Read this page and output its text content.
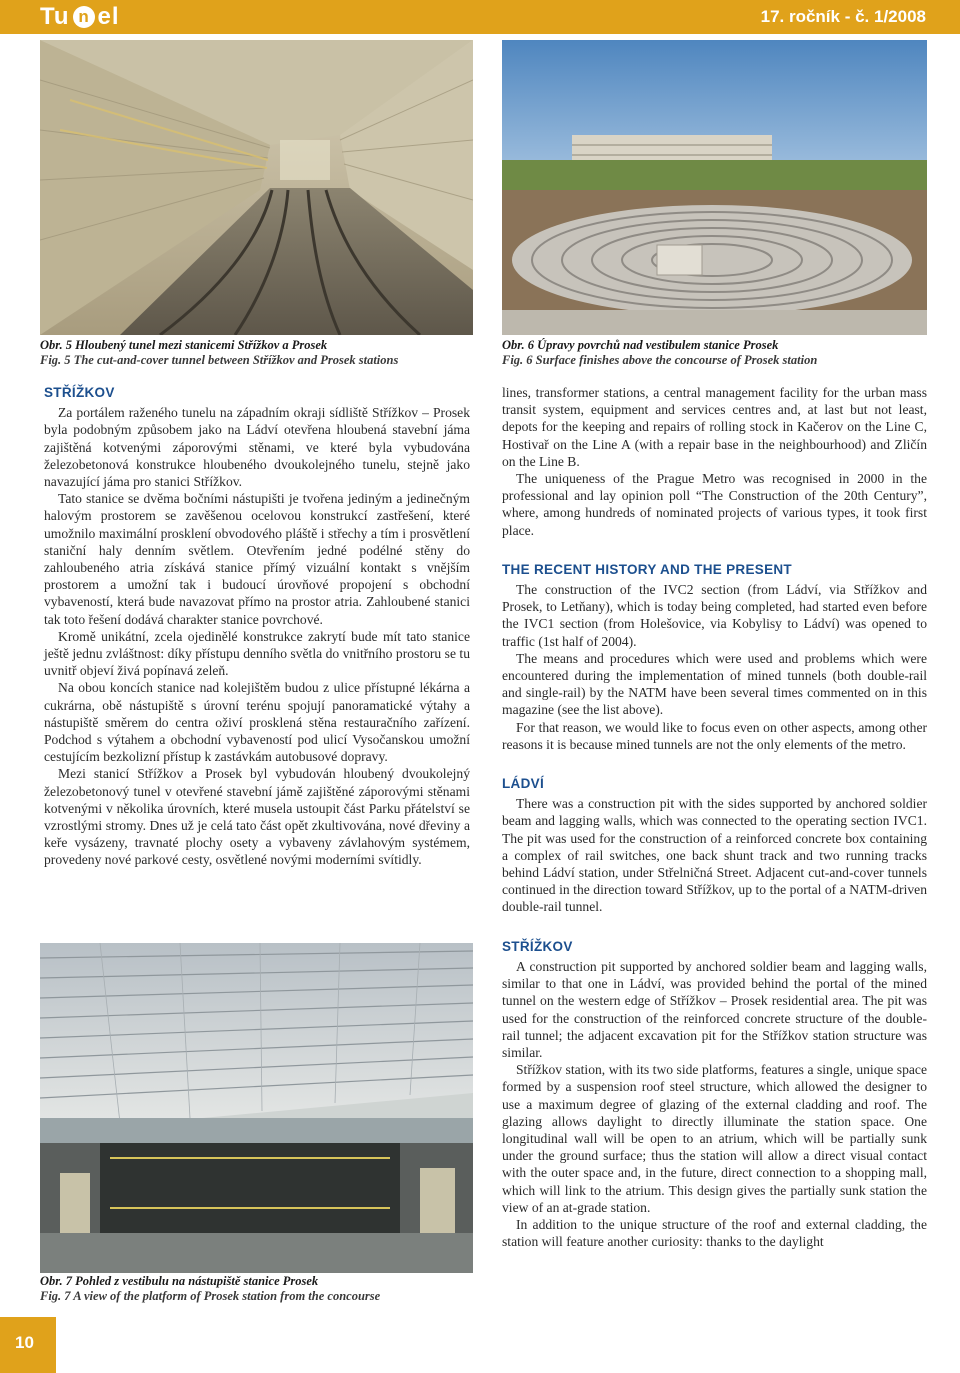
Tu n el	17. ročník - č. 1/2008
Obr. 5 Hloubený tunel mezi stanicemi Střížkov a Prosek
Fig. 5 The cut-and-cover tunnel between Střížkov and Prosek stations
Obr. 6 Úpravy povrchů nad vestibulem stanice Prosek
Fig. 6 Surface finishes above the concourse of Prosek station
STŘÍŽKOV

Za portálem raženého tunelu na západním okraji sídliště Střížkov – Prosek byla podobným způsobem jako na Ládví otevřena hloubená stavební jáma zajištěná kotvenými záporovými stěnami, ve které byla vybudována železobetonová konstrukce hloubeného dvoukolejného tunelu, stejně jako navazující jáma pro stanici Střížkov.

Tato stanice se dvěma bočními nástupišti je tvořena jediným a jedinečným halovým prostorem se zavěšenou ocelovou konstrukcí zastřešení, které umožnilo maximální prosklení obvodového pláště i střechy a tím i prosvětlení staniční haly denním světlem. Otevřením jedné podélné stěny do zahloubeného atria získává stanice přímý vizuální kontakt s vnějším prostorem a umožní tak i budoucí úrovňové propojení s obchodní vybaveností, která bude navazovat přímo na prostor atria. Zahloubené stanici tak toto řešení dodává charakter stanice povrchové.

Kromě unikátní, zcela ojedinělé konstrukce zakrytí bude mít tato stanice ještě jednu zvláštnost: díky přístupu denního světla do vnitřního prostoru se tu uvnitř objeví živá popínavá zeleň.

Na obou koncích stanice nad kolejištěm budou z ulice přístupné lékárna a cukrárna, obě nástupiště s úrovní terénu spojují panoramatické výtahy a nástupiště směrem do centra oživí prosklená stěna restauračního zařízení. Podchod s výtahem a obchodní vybaveností pod ulicí Vysočanskou umožní cestujícím bezkolizní přístup k zastávkám autobusové dopravy.

Mezi stanicí Střížkov a Prosek byl vybudován hloubený dvoukolejný železobetonový tunel v otevřené stavební jámě zajištěné záporovými stěnami kotvenými v několika úrovních, které musela ustoupit část Parku přátelství se vzrostlými stromy. Dnes už je celá tato část opět zkultivována, nové dřeviny a keře vysázeny, travnaté plochy osety a vybaveny závlahovým systémem, provedeny nové parkové cesty, osvětlené novými moderními svítidly.

Obr. 7 Pohled z vestibulu na nástupiště stanice Prosek
Fig. 7 A view of the platform of Prosek station from the concourse

lines, transformer stations, a central management facility for the urban mass transit system, equipment and services centres and, at last but not least, depots for the keeping and repairs of rolling stock in Kačerov on the Line C, Hostivař on the Line A (with a repair base in the neighbourhood) and Zličín on the Line B.

The uniqueness of the Prague Metro was recognised in 2000 in the professional and lay opinion poll “The Construction of the 20th Century”, where, among hundreds of nominated projects of various types, it took first place.

THE RECENT HISTORY AND THE PRESENT

The construction of the IVC2 section (from Ládví, via Střížkov and Prosek, to Letňany), which is today being completed, had started even before the IVC1 section (from Holešovice, via Kobylisy to Ládví) was opened to traffic (1st half of 2004).

The means and procedures which were used and problems which were encountered during the implementation of mined tunnels (both double-rail and single-rail) by the NATM have been several times commented on in this magazine (see the list above).

For that reason, we would like to focus even on other aspects, among other reasons it is because mined tunnels are not the only elements of the metro.

LÁDVÍ

There was a construction pit with the sides supported by anchored soldier beam and lagging walls, which was connected to the operating section IVC1. The pit was used for the construction of a reinforced concrete box containing a complex of rail switches, one back shunt track and two running tracks behind Ládví station, under Střelničná Street. Adjacent cut-and-cover tunnels continued in the direction toward Střížkov, up to the portal of a NATM-driven double-rail tunnel.

STŘÍŽKOV

A construction pit supported by anchored soldier beam and lagging walls, similar to that one in Ládví, was provided behind the portal of the mined tunnel on the western edge of Střížkov – Prosek residential area. The pit was used for the construction of the reinforced concrete structure of the double-rail tunnel; the adjacent excavation pit for the Střížkov station structure was similar.

Střížkov station, with its two side platforms, features a single, unique space formed by a suspension roof steel structure, which allowed the designer to use a maximum degree of glazing of the external cladding and roof. The glazing allows daylight to directly illuminate the station space. One longitudinal wall will be open to an atrium, which will be partially sunk under the ground surface; thus the station will allow a direct visual contact with the outer space and, in the future, direct connection to a shopping mall, which will link to the atrium. This design gives the partially sunk station the view of an at-grade station.

In addition to the unique structure of the roof and external cladding, the station will feature another curiosity: thanks to the daylight

10
